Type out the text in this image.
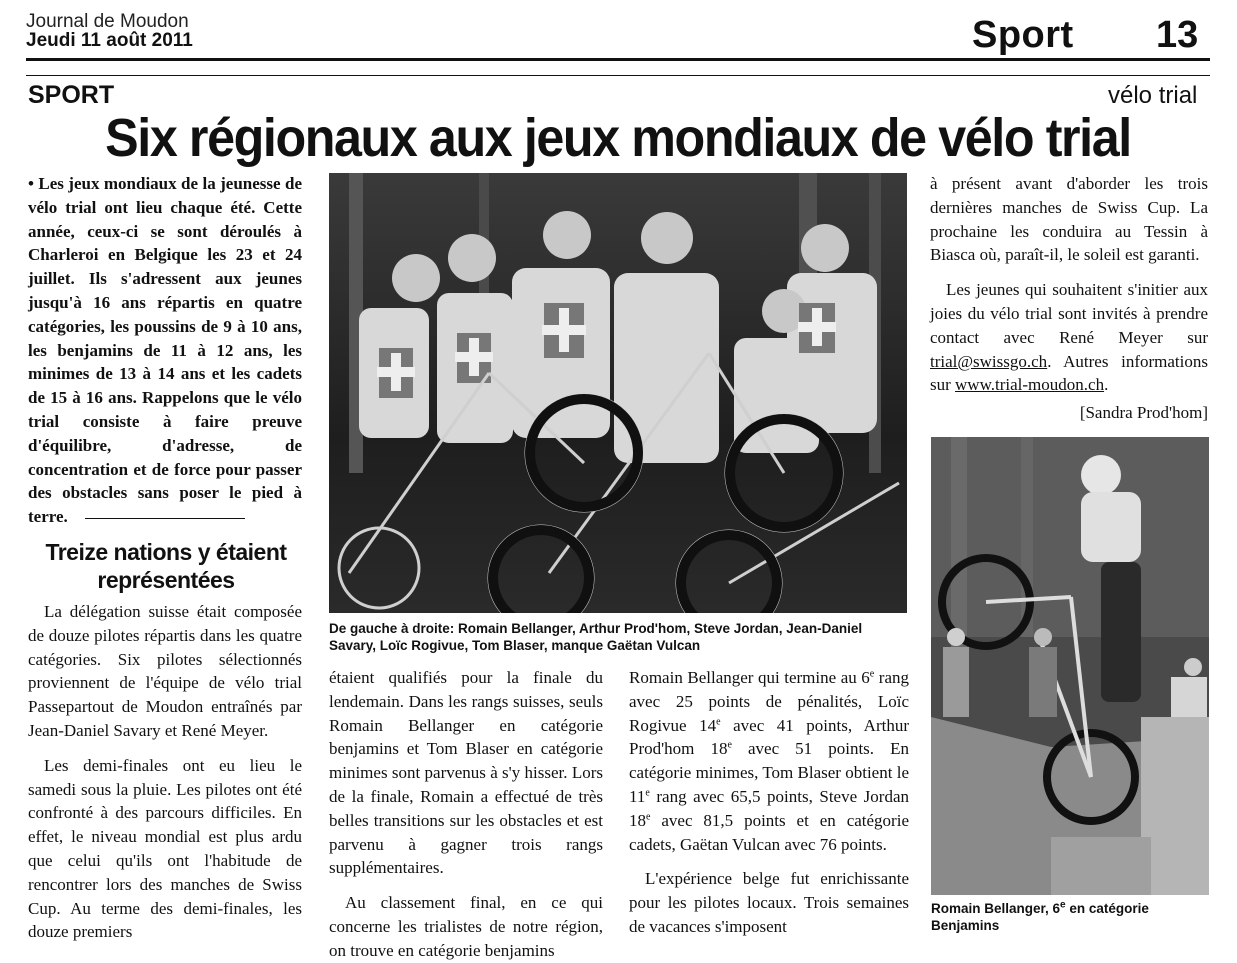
Journal de Moudon
Jeudi 11 août 2011	Sport 13
SPORT	vélo trial
Six régionaux aux jeux mondiaux de vélo trial

• Les jeux mondiaux de la jeunesse de vélo trial ont lieu chaque été. Cette année, ceux-ci se sont déroulés à Charleroi en Belgique les 23 et 24 juillet. Ils s'adressent aux jeunes jusqu'à 16 ans répartis en quatre catégories, les poussins de 9 à 10 ans, les benjamins de 11 à 12 ans, les minimes de 13 à 14 ans et les cadets de 15 à 16 ans. Rappelons que le vélo trial consiste à faire preuve d'équilibre, d'adresse, de concentration et de force pour passer des obstacles sans poser le pied à terre.

Treize nations y étaient représentées

La délégation suisse était composée de douze pilotes répartis dans les quatre catégories. Six pilotes sélectionnés proviennent de l'équipe de vélo trial Passepartout de Moudon entraînés par Jean-Daniel Savary et René Meyer.

Les demi-finales ont eu lieu le samedi sous la pluie. Les pilotes ont été confronté à des parcours difficiles. En effet, le niveau mondial est plus ardu que celui qu'ils ont l'habitude de rencontrer lors des manches de Swiss Cup. Au terme des demi-finales, les douze premiers

De gauche à droite: Romain Bellanger, Arthur Prod'hom, Steve Jordan, Jean-Daniel Savary, Loïc Rogivue, Tom Blaser, manque Gaëtan Vulcan

étaient qualifiés pour la finale du lendemain. Dans les rangs suisses, seuls Romain Bellanger en catégorie benjamins et Tom Blaser en catégorie minimes sont parvenus à s'y hisser. Lors de la finale, Romain a effectué de très belles transitions sur les obstacles et est parvenu à gagner trois rangs supplémentaires.

Au classement final, en ce qui concerne les trialistes de notre région, on trouve en catégorie benjamins

Romain Bellanger qui termine au 6e rang avec 25 points de pénalités, Loïc Rogivue 14e avec 41 points, Arthur Prod'hom 18e avec 51 points. En catégorie minimes, Tom Blaser obtient le 11e rang avec 65,5 points, Steve Jordan 18e avec 81,5 points et en catégorie cadets, Gaëtan Vulcan avec 76 points.

L'expérience belge fut enrichissante pour les pilotes locaux. Trois semaines de vacances s'imposent

à présent avant d'aborder les trois dernières manches de Swiss Cup. La prochaine les conduira au Tessin à Biasca où, paraît-il, le soleil est garanti.

Les jeunes qui souhaitent s'initier aux joies du vélo trial sont invités à prendre contact avec René Meyer sur trial@swissgo.ch. Autres informations sur www.trial-moudon.ch.

[Sandra Prod'hom]

Romain Bellanger, 6e en catégorie Benjamins
